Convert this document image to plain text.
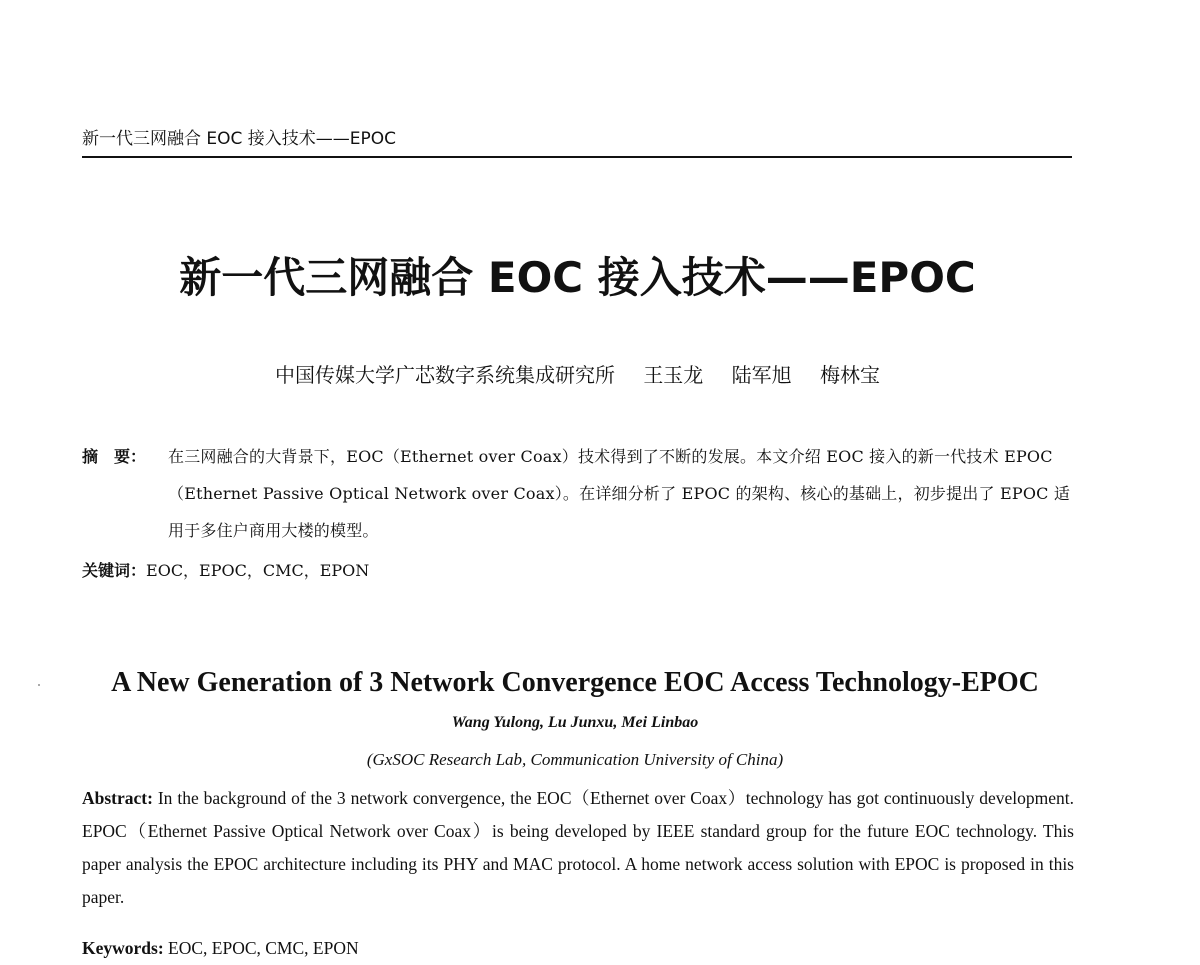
新一代三网融合 EOC 接入技术——EPOC
新一代三网融合 EOC 接入技术——EPOC
中国传媒大学广芯数字系统集成研究所 王玉龙 陆军旭 梅林宝
摘　要： 在三网融合的大背景下，EOC（Ethernet over Coax）技术得到了不断的发展。本文介绍 EOC 接入的新一代技术 EPOC（Ethernet Passive Optical Network over Coax）。在详细分析了 EPOC 的架构、核心的基础上，初步提出了 EPOC 适用于多住户商用大楼的模型。
关键词：EOC，EPOC，CMC，EPON
A New Generation of 3 Network Convergence EOC Access Technology-EPOC
Wang Yulong, Lu Junxu, Mei Linbao
(GxSOC Research Lab, Communication University of China)
Abstract: In the background of the 3 network convergence, the EOC（Ethernet over Coax）technology has got continuously development. EPOC（Ethernet Passive Optical Network over Coax）is being developed by IEEE standard group for the future EOC technology. This paper analysis the EPOC architecture including its PHY and MAC protocol. A home network access solution with EPOC is proposed in this paper.
Keywords: EOC, EPOC, CMC, EPON
